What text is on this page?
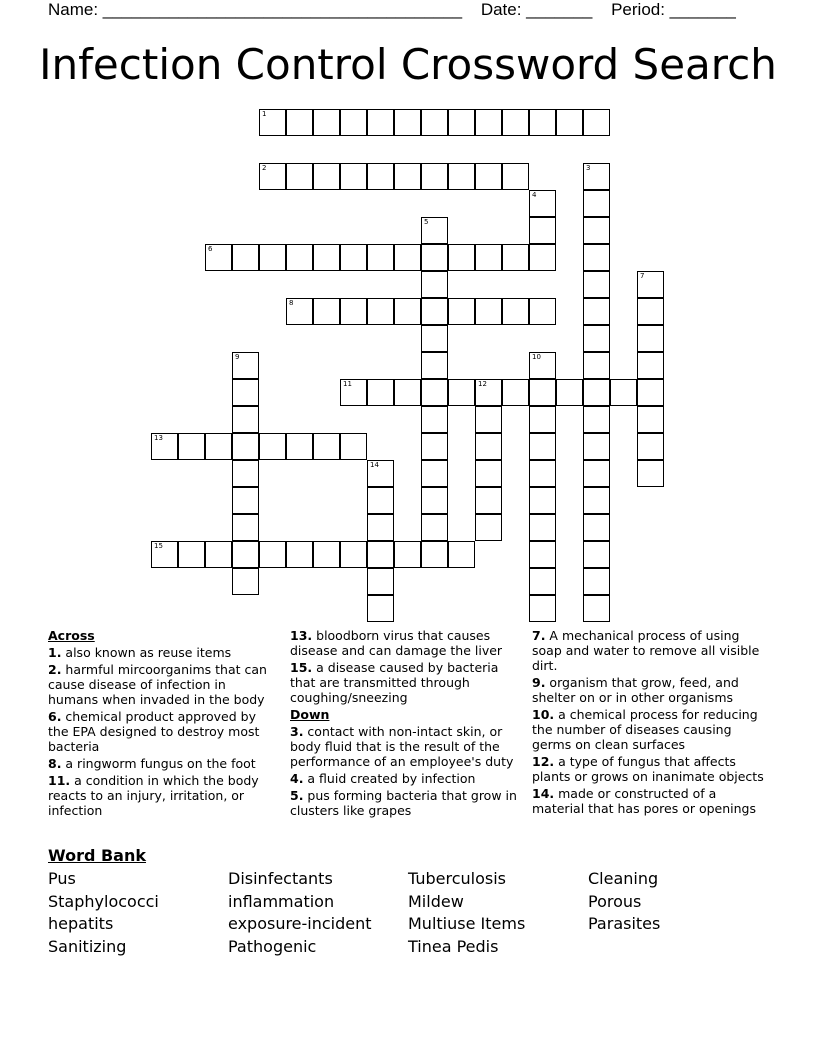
Name: ______________________________________ Date: _______ Period: _______
Infection Control Crossword Search
1
2	3
4
5
6
7
8
9	10
11	12
13
14
15
Across
1. also known as reuse items
2. harmful mircoorganims that can cause disease of infection in humans when invaded in the body
6. chemical product approved by the EPA designed to destroy most bacteria
8. a ringworm fungus on the foot
11. a condition in which the body reacts to an injury, irritation, or infection
13. bloodborn virus that causes disease and can damage the liver
15. a disease caused by bacteria that are transmitted through coughing/sneezing
Down
3. contact with non-intact skin, or body fluid that is the result of the performance of an employee's duty
4. a fluid created by infection
5. pus forming bacteria that grow in clusters like grapes
7. A mechanical process of using soap and water to remove all visible dirt.
9. organism that grow, feed, and shelter on or in other organisms
10. a chemical process for reducing the number of diseases causing germs on clean surfaces
12. a type of fungus that affects plants or grows on inanimate objects
14. made or constructed of a material that has pores or openings
Word Bank
Pus
Staphylococci
hepatits
Sanitizing
Disinfectants
inflammation
exposure-incident
Pathogenic
Tuberculosis
Mildew
Multiuse Items
Tinea Pedis
Cleaning
Porous
Parasites
